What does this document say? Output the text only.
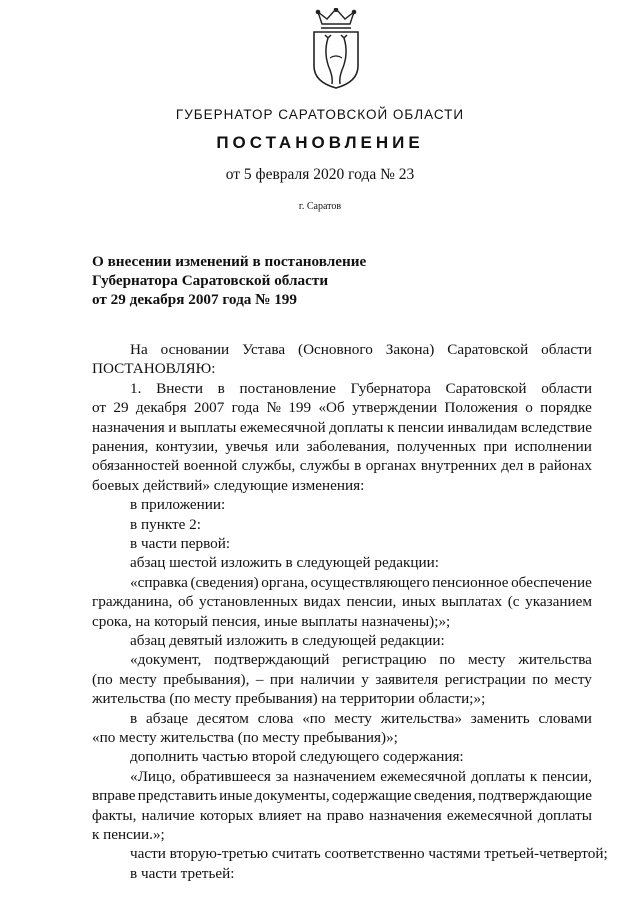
ГУБЕРНАТОР САРАТОВСКОЙ ОБЛАСТИ
ПОСТАНОВЛЕНИЕ
от 5 февраля 2020 года № 23
г. Саратов
О внесении изменений в постановление
Губернатора Саратовской области
от 29 декабря 2007 года № 199
На основании Устава (Основного Закона) Саратовской области
ПОСТАНОВЛЯЮ:
1. Внести в постановление Губернатора Саратовской области
от 29 декабря 2007 года № 199 «Об утверждении Положения о порядке
назначения и выплаты ежемесячной доплаты к пенсии инвалидам вследствие
ранения, контузии, увечья или заболевания, полученных при исполнении
обязанностей военной службы, службы в органах внутренних дел в районах
боевых действий» следующие изменения:
в приложении:
в пункте 2:
в части первой:
абзац шестой изложить в следующей редакции:
«справка (сведения) органа, осуществляющего пенсионное обеспечение
гражданина, об установленных видах пенсии, иных выплатах (с указанием
срока, на который пенсия, иные выплаты назначены);»;
абзац девятый изложить в следующей редакции:
«документ, подтверждающий регистрацию по месту жительства
(по месту пребывания), – при наличии у заявителя регистрации по месту
жительства (по месту пребывания) на территории области;»;
в абзаце десятом слова «по месту жительства» заменить словами
«по месту жительства (по месту пребывания)»;
дополнить частью второй следующего содержания:
«Лицо, обратившееся за назначением ежемесячной доплаты к пенсии,
вправе представить иные документы, содержащие сведения, подтверждающие
факты, наличие которых влияет на право назначения ежемесячной доплаты
к пенсии.»;
части вторую-третью считать соответственно частями третьей-четвертой;
в части третьей:
